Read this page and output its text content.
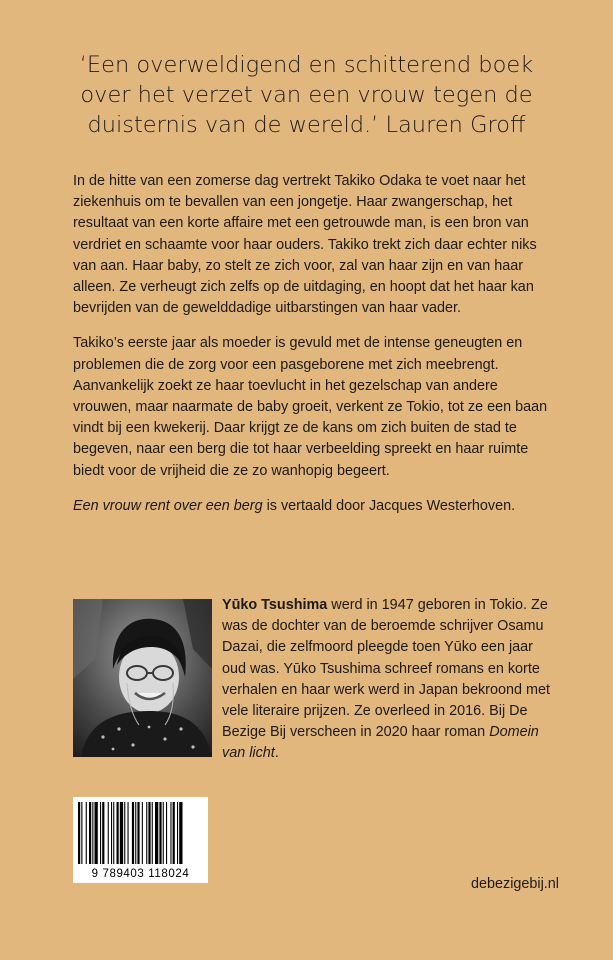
‘Een overweldigend en schitterend boek
over het verzet van een vrouw tegen de
duisternis van de wereld.’ Lauren Groff

In de hitte van een zomerse dag vertrekt Takiko Odaka te voet naar het ziekenhuis om te bevallen van een jongetje. Haar zwangerschap, het resultaat van een korte affaire met een getrouwde man, is een bron van verdriet en schaamte voor haar ouders. Takiko trekt zich daar echter niks van aan. Haar baby, zo stelt ze zich voor, zal van haar zijn en van haar alleen. Ze verheugt zich zelfs op de uitdaging, en hoopt dat het haar kan bevrijden van de gewelddadige uitbarstingen van haar vader.

Takiko’s eerste jaar als moeder is gevuld met de intense geneugten en problemen die de zorg voor een pasgeborene met zich meebrengt. Aanvankelijk zoekt ze haar toevlucht in het gezelschap van andere vrouwen, maar naarmate de baby groeit, verkent ze Tokio, tot ze een baan vindt bij een kwekerij. Daar krijgt ze de kans om zich buiten de stad te begeven, naar een berg die tot haar verbeelding spreekt en haar ruimte biedt voor de vrijheid die ze zo wanhopig begeert.

Een vrouw rent over een berg is vertaald door Jacques Westerhoven.

Yūko Tsushima werd in 1947 geboren in Tokio. Ze was de dochter van de beroemde schrijver Osamu Dazai, die zelfmoord pleegde toen Yūko een jaar oud was. Yūko Tsushima schreef romans en korte verhalen en haar werk werd in Japan bekroond met vele literaire prijzen. Ze overleed in 2016. Bij De Bezige Bij verscheen in 2020 haar roman Domein van licht.
9 789403 118024
debezigebij.nl
